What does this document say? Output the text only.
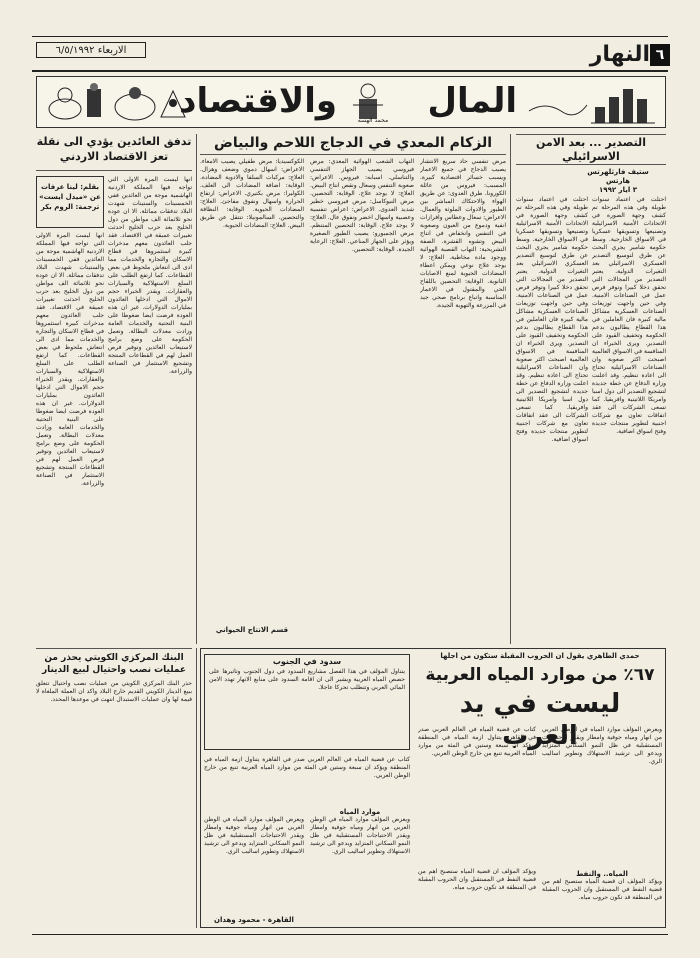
الاربعاء ٦/٥/١٩٩٢	النهار ٦
والاقتصاد	محمد الهسه	المال
التصدير ... بعد الامن الاسرائيلي
ستيف فارثلهرتس
هارتس
٣ ايار ١٩٩٢
احتلت في اعتماد سنوات طويلة وفي هذه المرحلة تم كشف وجهة الصورة في الاتحادات الأمنية الاسرائيلية وتصنيعها وتسويقها عسكريا في الاسواق الخارجية. وسط حكومة شامير يجري البحث عن طرق لتوسيع التصدير العسكري الاسرائيلي بعد التغيرات الدولية. يعتبر التصدير من المجالات التي تحقق دخلا كبيرا وتوفر فرص عمل في الصناعات الامنية. وفي حين واجهت توزيعات الصناعات العسكرية مشاكل مالية كبيرة فان العاملين في هذا القطاع يطالبون بدعم الحكومة وتخفيف القيود على التصدير. ويرى الخبراء ان المنافسة في الاسواق العالمية اصبحت اكثر صعوبة وان الصناعات الاسرائيلية تحتاج الى اعادة تنظيم. وقد اعلنت وزارة الدفاع عن خطة جديدة لتشجيع التصدير الى دول اسيا وامريكا اللاتينية وافريقيا. كما تسعى الشركات الى عقد اتفاقات تعاون مع شركات اجنبية لتطوير منتجات جديدة وفتح اسواق اضافية.
احتلت في اعتماد سنوات طويلة وفي هذه المرحلة تم كشف وجهة الصورة في الاتحادات الأمنية الاسرائيلية وتصنيعها وتسويقها عسكريا في الاسواق الخارجية. وسط حكومة شامير يجري البحث عن طرق لتوسيع التصدير العسكري الاسرائيلي بعد التغيرات الدولية. يعتبر التصدير من المجالات التي تحقق دخلا كبيرا وتوفر فرص عمل في الصناعات الامنية. وفي حين واجهت توزيعات الصناعات العسكرية مشاكل مالية كبيرة فان العاملين في هذا القطاع يطالبون بدعم الحكومة وتخفيف القيود على التصدير. ويرى الخبراء ان المنافسة في الاسواق العالمية اصبحت اكثر صعوبة وان الصناعات الاسرائيلية تحتاج الى اعادة تنظيم. وقد اعلنت وزارة الدفاع عن خطة جديدة لتشجيع التصدير الى دول اسيا وامريكا اللاتينية وافريقيا. كما تسعى الشركات الى عقد اتفاقات تعاون مع شركات اجنبية لتطوير منتجات جديدة وفتح اسواق اضافية.
الزكام المعدي في الدجاج اللاحم والبياض
مرض تنفسي حاد سريع الانتشار يصيب الدجاج في جميع الاعمار ويسبب خسائر اقتصادية كبيرة. المسبب: فيروس من عائلة الكورونا. طرق العدوى: عن طريق الهواء والاحتكاك المباشر بين الطيور والادوات الملوثة والعمال. الاعراض: سعال وعطاس وافرازات انفية ودموع من العيون وصعوبة في التنفس وانخفاض في انتاج البيض وتشوه القشرة. الصفة التشريحية: التهاب القصبة الهوائية ووجود مادة مخاطية. العلاج: لا يوجد علاج نوعي ويمكن اعطاء المضادات الحيوية لمنع الاصابات الثانوية. الوقاية: التحصين باللقاح الحي والمقتول في الاعمار المناسبة واتباع برنامج صحي جيد في المزرعة والتهوية الجيدة.
التهاب الشعب الهوائية المعدي: مرض فيروسي يصيب الجهاز التنفسي والتناسلي. اسبابه: فيروس. الاعراض: صعوبة التنفس وسعال ونقص انتاج البيض. العلاج: لا يوجد علاج. الوقاية: التحصين. مرض النيوكاسل: مرض فيروسي خطير شديد العدوى. الاعراض: اعراض تنفسية وعصبية واسهال اخضر ونفوق عال. العلاج: لا يوجد علاج. الوقاية: التحصين المنتظم. مرض الجمبورو: يصيب الطيور الصغيرة ويؤثر على الجهاز المناعي. العلاج: الرعاية الجيدة. الوقاية: التحصين.
الكوكسيديا: مرض طفيلي يصيب الامعاء. الاعراض: اسهال دموي وضعف وهزال. العلاج: مركبات السلفا والادوية المضادة. الوقاية: اضافة المضادات الى العلف. الكوليرا: مرض بكتيري. الاعراض: ارتفاع الحرارة واسهال ونفوق مفاجئ. العلاج: المضادات الحيوية. الوقاية: النظافة والتحصين. السالمونيلا: تنتقل عن طريق البيض. العلاج: المضادات الحيوية.
قسم الانتاج الحيواني
تدفق العائدين يؤدي الى نقلة تعز الاقتصاد الاردني
بقلم: لينا عرفات
عن «ميدل ايست»
ترجمة: الروم بكر
انها ليست المرة الاولى التي تواجه فيها المملكة الاردنية الهاشمية موجة من العائدين ففي الخمسينات والستينات شهدت البلاد تدفقات مماثلة. الا ان عودة نحو ثلاثمائة الف مواطن من دول الخليج بعد حرب الخليج احدثت تغييرات عميقة في الاقتصاد. فقد جلب العائدون معهم مدخرات كبيرة استثمروها في قطاع الاسكان والتجارة والخدمات مما ادى الى انتعاش ملحوظ في بعض القطاعات. كما ارتفع الطلب على السلع الاستهلاكية والسيارات والعقارات. ويقدر الخبراء حجم الاموال التي ادخلها العائدون بمليارات الدولارات. غير ان هذه العودة فرضت ايضا ضغوطا على البنية التحتية والخدمات العامة وزادت معدلات البطالة. وتعمل الحكومة على وضع برامج لاستيعاب العائدين وتوفير فرص العمل لهم في القطاعات المنتجة وتشجيع الاستثمار في الصناعة والزراعة.
انها ليست المرة الاولى التي تواجه فيها المملكة الاردنية الهاشمية موجة من العائدين ففي الخمسينات والستينات شهدت البلاد تدفقات مماثلة. الا ان عودة نحو ثلاثمائة الف مواطن من دول الخليج بعد حرب الخليج احدثت تغييرات عميقة في الاقتصاد. فقد جلب العائدون معهم مدخرات كبيرة استثمروها في قطاع الاسكان والتجارة والخدمات مما ادى الى انتعاش ملحوظ في بعض القطاعات. كما ارتفع الطلب على السلع الاستهلاكية والسيارات والعقارات. ويقدر الخبراء حجم الاموال التي ادخلها العائدون بمليارات الدولارات. غير ان هذه العودة فرضت ايضا ضغوطا على البنية التحتية والخدمات العامة وزادت معدلات البطالة. وتعمل الحكومة على وضع برامج لاستيعاب العائدين وتوفير فرص العمل لهم في القطاعات المنتجة وتشجيع الاستثمار في الصناعة والزراعة.
البنك المركزي الكويتي يحذر من عمليات نصب واحتيال لبيع الدينار
حذر البنك المركزي الكويتي من عمليات نصب واحتيال تتعلق ببيع الدينار الكويتي القديم خارج البلاد واكد ان العملة الملغاة لا قيمة لها وان عمليات الاستبدال انتهت في موعدها المحدد.
حمدي الطاهري يقول ان الحروب المقبلة ستكون من اجلها
٦٧٪ من موارد المياه العربية
ليست في يد العرب
سدود في الجنوب
يتناول المؤلف في هذا الفصل مشاريع السدود في دول الجنوب وتأثيرها على حصص المياه العربية ويشير الى ان اقامة السدود على منابع الانهار تهدد الامن المائي العربي وتتطلب تحركا عاجلا.
كتاب عن قضية المياه في العالم العربي صدر في القاهرة يتناول ازمة المياه في المنطقة ويؤكد ان سبعة وستين في المئة من موارد المياه العربية تنبع من خارج الوطن العربي.
موارد المياه
ويعرض المؤلف موارد المياه في الوطن العربي من انهار ومياه جوفية وامطار ويقدر الاحتياجات المستقبلية في ظل النمو السكاني المتزايد ويدعو الى ترشيد الاستهلاك وتطوير اساليب الري.
ويعرض المؤلف موارد المياه في الوطن العربي من انهار ومياه جوفية وامطار ويقدر الاحتياجات المستقبلية في ظل النمو السكاني المتزايد ويدعو الى ترشيد الاستهلاك وتطوير اساليب الري.
القاهرة - محمود وهدان
كتاب عن قضية المياه في العالم العربي صدر في القاهرة يتناول ازمة المياه في المنطقة ويؤكد ان سبعة وستين في المئة من موارد المياه العربية تنبع من خارج الوطن العربي.
ويعرض المؤلف موارد المياه في الوطن العربي من انهار ومياه جوفية وامطار ويقدر الاحتياجات المستقبلية في ظل النمو السكاني المتزايد ويدعو الى ترشيد الاستهلاك وتطوير اساليب الري.
المياه.. والنفط
ويؤكد المؤلف ان قضية المياه ستصبح اهم من قضية النفط في المستقبل وان الحروب المقبلة في المنطقة قد تكون حروب مياه.
ويؤكد المؤلف ان قضية المياه ستصبح اهم من قضية النفط في المستقبل وان الحروب المقبلة في المنطقة قد تكون حروب مياه.
